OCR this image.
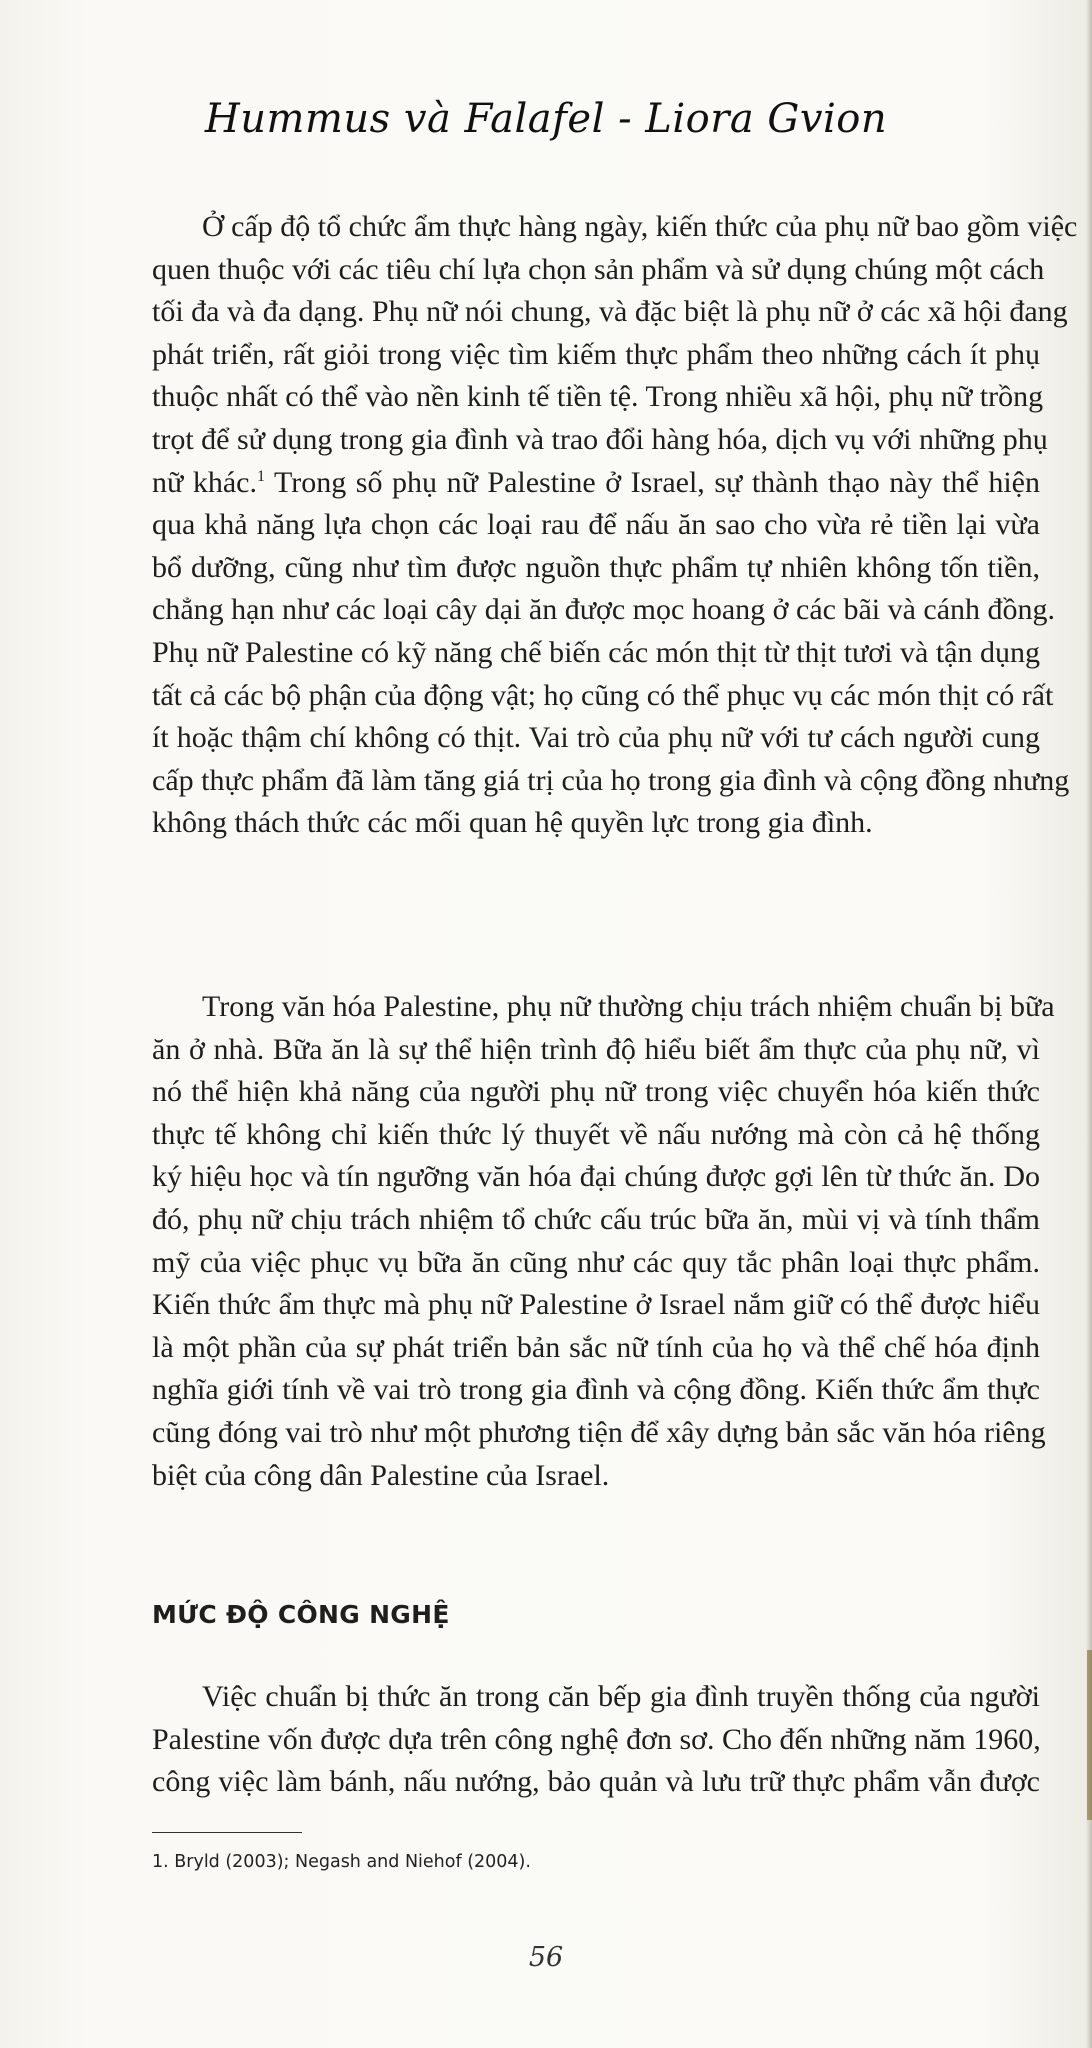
Hummus và Falafel - Liora Gvion
Ở cấp độ tổ chức ẩm thực hàng ngày, kiến thức của phụ nữ bao gồm việc
quen thuộc với các tiêu chí lựa chọn sản phẩm và sử dụng chúng một cách
tối đa và đa dạng. Phụ nữ nói chung, và đặc biệt là phụ nữ ở các xã hội đang
phát triển, rất giỏi trong việc tìm kiếm thực phẩm theo những cách ít phụ
thuộc nhất có thể vào nền kinh tế tiền tệ. Trong nhiều xã hội, phụ nữ trồng
trọt để sử dụng trong gia đình và trao đổi hàng hóa, dịch vụ với những phụ
nữ khác.$^1$ Trong số phụ nữ Palestine ở Israel, sự thành thạo này thể hiện
qua khả năng lựa chọn các loại rau để nấu ăn sao cho vừa rẻ tiền lại vừa
bổ dưỡng, cũng như tìm được nguồn thực phẩm tự nhiên không tốn tiền,
chẳng hạn như các loại cây dại ăn được mọc hoang ở các bãi và cánh đồng.
Phụ nữ Palestine có kỹ năng chế biến các món thịt từ thịt tươi và tận dụng
tất cả các bộ phận của động vật; họ cũng có thể phục vụ các món thịt có rất
ít hoặc thậm chí không có thịt. Vai trò của phụ nữ với tư cách người cung
cấp thực phẩm đã làm tăng giá trị của họ trong gia đình và cộng đồng nhưng
không thách thức các mối quan hệ quyền lực trong gia đình.
Trong văn hóa Palestine, phụ nữ thường chịu trách nhiệm chuẩn bị bữa
ăn ở nhà. Bữa ăn là sự thể hiện trình độ hiểu biết ẩm thực của phụ nữ, vì
nó thể hiện khả năng của người phụ nữ trong việc chuyển hóa kiến thức
thực tế không chỉ kiến thức lý thuyết về nấu nướng mà còn cả hệ thống
ký hiệu học và tín ngưỡng văn hóa đại chúng được gợi lên từ thức ăn. Do
đó, phụ nữ chịu trách nhiệm tổ chức cấu trúc bữa ăn, mùi vị và tính thẩm
mỹ của việc phục vụ bữa ăn cũng như các quy tắc phân loại thực phẩm.
Kiến thức ẩm thực mà phụ nữ Palestine ở Israel nắm giữ có thể được hiểu
là một phần của sự phát triển bản sắc nữ tính của họ và thể chế hóa định
nghĩa giới tính về vai trò trong gia đình và cộng đồng. Kiến thức ẩm thực
cũng đóng vai trò như một phương tiện để xây dựng bản sắc văn hóa riêng
biệt của công dân Palestine của Israel.
MỨC ĐỘ CÔNG NGHỆ
Việc chuẩn bị thức ăn trong căn bếp gia đình truyền thống của người
Palestine vốn được dựa trên công nghệ đơn sơ. Cho đến những năm 1960,
công việc làm bánh, nấu nướng, bảo quản và lưu trữ thực phẩm vẫn được
1. Bryld (2003); Negash and Niehof (2004).
56
